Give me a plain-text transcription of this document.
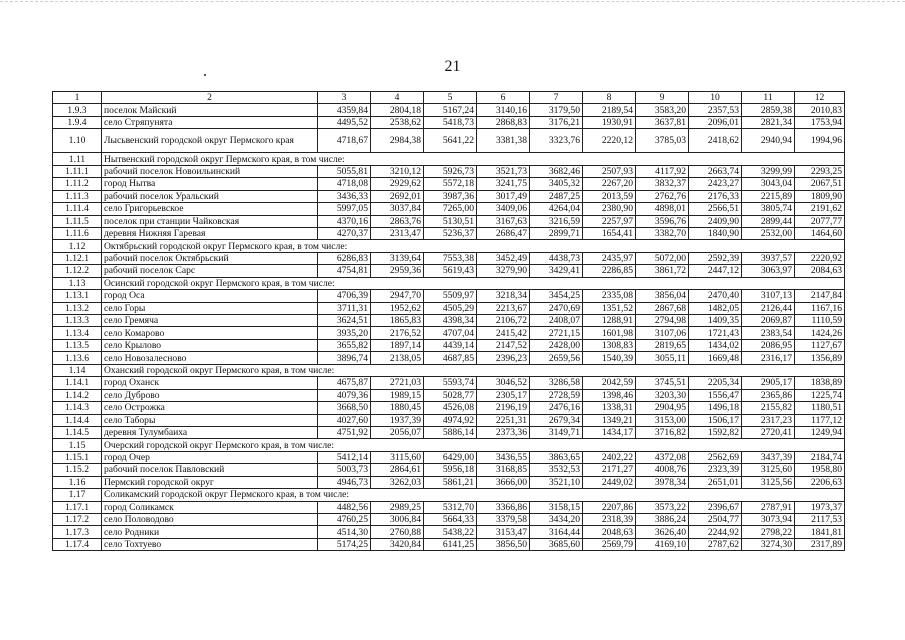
21
1	2	3	4	5	6	7	8	9	10	11	12
1.9.3	поселок Майский	4359,84	2804,18	5167,24	3140,16	3179,50	2189,54	3583,20	2357,53	2859,38	2010,83
1.9.4	село Стряпунята	4495,52	2538,62	5418,73	2868,83	3176,21	1930,91	3637,81	2096,01	2821,34	1753,94
1.10	Лысьвенский городской округ Пермского края	4718,67	2984,38	5641,22	3381,38	3323,76	2220,12	3785,03	2418,62	2940,94	1994,96
1.11	Нытвенский городской округ Пермского края, в том числе:										
1.11.1	рабочий поселок Новоильинский	5055,81	3210,12	5926,73	3521,73	3682,46	2507,93	4117,92	2663,74	3299,99	2293,25
1.11.2	город Нытва	4718,08	2929,62	5572,18	3241,75	3405,32	2267,20	3832,37	2423,27	3043,04	2067,51
1.11.3	рабочий поселок Уральский	3436,33	2692,01	3987,36	3017,49	2487,25	2013,59	2762,76	2176,33	2215,89	1809,90
1.11.4	село Григорьевское	5997,05	3037,84	7265,00	3409,06	4264,04	2380,90	4898,01	2566,51	3805,74	2191,62
1.11.5	поселок при станции Чайковская	4370,16	2863,76	5130,51	3167,63	3216,59	2257,97	3596,76	2409,90	2899,44	2077,77
1.11.6	деревня Нижняя Гаревая	4270,37	2313,47	5236,37	2686,47	2899,71	1654,41	3382,70	1840,90	2532,00	1464,60
1.12	Октябрьский городской округ Пермского края, в том числе:										
1.12.1	рабочий поселок Октябрьский	6286,83	3139,64	7553,38	3452,49	4438,73	2435,97	5072,00	2592,39	3937,57	2220,92
1.12.2	рабочий поселок Сарс	4754,81	2959,36	5619,43	3279,90	3429,41	2286,85	3861,72	2447,12	3063,97	2084,63
1.13	Осинский городской округ Пермского края, в том числе:										
1.13.1	город Оса	4706,39	2947,70	5509,97	3218,34	3454,25	2335,08	3856,04	2470,40	3107,13	2147,84
1.13.2	село Горы	3711,31	1952,62	4505,29	2213,67	2470,69	1351,52	2867,68	1482,05	2126,44	1167,16
1.13.3	село Гремяча	3624,51	1865,83	4398,34	2106,72	2408,07	1288,91	2794,98	1409,35	2069,87	1110,59
1.13.4	село Комарово	3935,20	2176,52	4707,04	2415,42	2721,15	1601,98	3107,06	1721,43	2383,54	1424,26
1.13.5	село Крылово	3655,82	1897,14	4439,14	2147,52	2428,00	1308,83	2819,65	1434,02	2086,95	1127,67
1.13.6	село Новозалесново	3896,74	2138,05	4687,85	2396,23	2659,56	1540,39	3055,11	1669,48	2316,17	1356,89
1.14	Оханский городской округ Пермского края, в том числе:										
1.14.1	город Оханск	4675,87	2721,03	5593,74	3046,52	3286,58	2042,59	3745,51	2205,34	2905,17	1838,89
1.14.2	село Дуброво	4079,36	1989,15	5028,77	2305,17	2728,59	1398,46	3203,30	1556,47	2365,86	1225,74
1.14.3	село Острожка	3668,50	1880,45	4526,08	2196,19	2476,16	1338,31	2904,95	1496,18	2155,82	1180,51
1.14.4	село Таборы	4027,60	1937,39	4974,92	2251,31	2679,34	1349,21	3153,00	1506,17	2317,23	1177,12
1.14.5	деревня Тулумбаиха	4751,92	2056,07	5886,14	2373,36	3149,71	1434,17	3716,82	1592,82	2720,41	1249,94
1.15	Очерский городской округ Пермского края, в том числе:										
1.15.1	город Очер	5412,14	3115,60	6429,00	3436,55	3863,65	2402,22	4372,08	2562,69	3437,39	2184,74
1.15.2	рабочий поселок Павловский	5003,73	2864,61	5956,18	3168,85	3532,53	2171,27	4008,76	2323,39	3125,60	1958,80
1.16	Пермский городской округ	4946,73	3262,03	5861,21	3666,00	3521,10	2449,02	3978,34	2651,01	3125,56	2206,63
1.17	Соликамский городской округ Пермского края, в том числе:										
1.17.1	город Соликамск	4482,56	2989,25	5312,70	3366,86	3158,15	2207,86	3573,22	2396,67	2787,91	1973,37
1.17.2	село Половодово	4760,25	3006,84	5664,33	3379,58	3434,20	2318,39	3886,24	2504,77	3073,94	2117,53
1.17.3	село Родники	4514,30	2760,88	5438,22	3153,47	3164,44	2048,63	3626,40	2244,92	2798,22	1841,81
1.17.4	село Тохтуево	5174,25	3420,84	6141,25	3856,50	3685,60	2569,79	4169,10	2787,62	3274,30	2317,89
